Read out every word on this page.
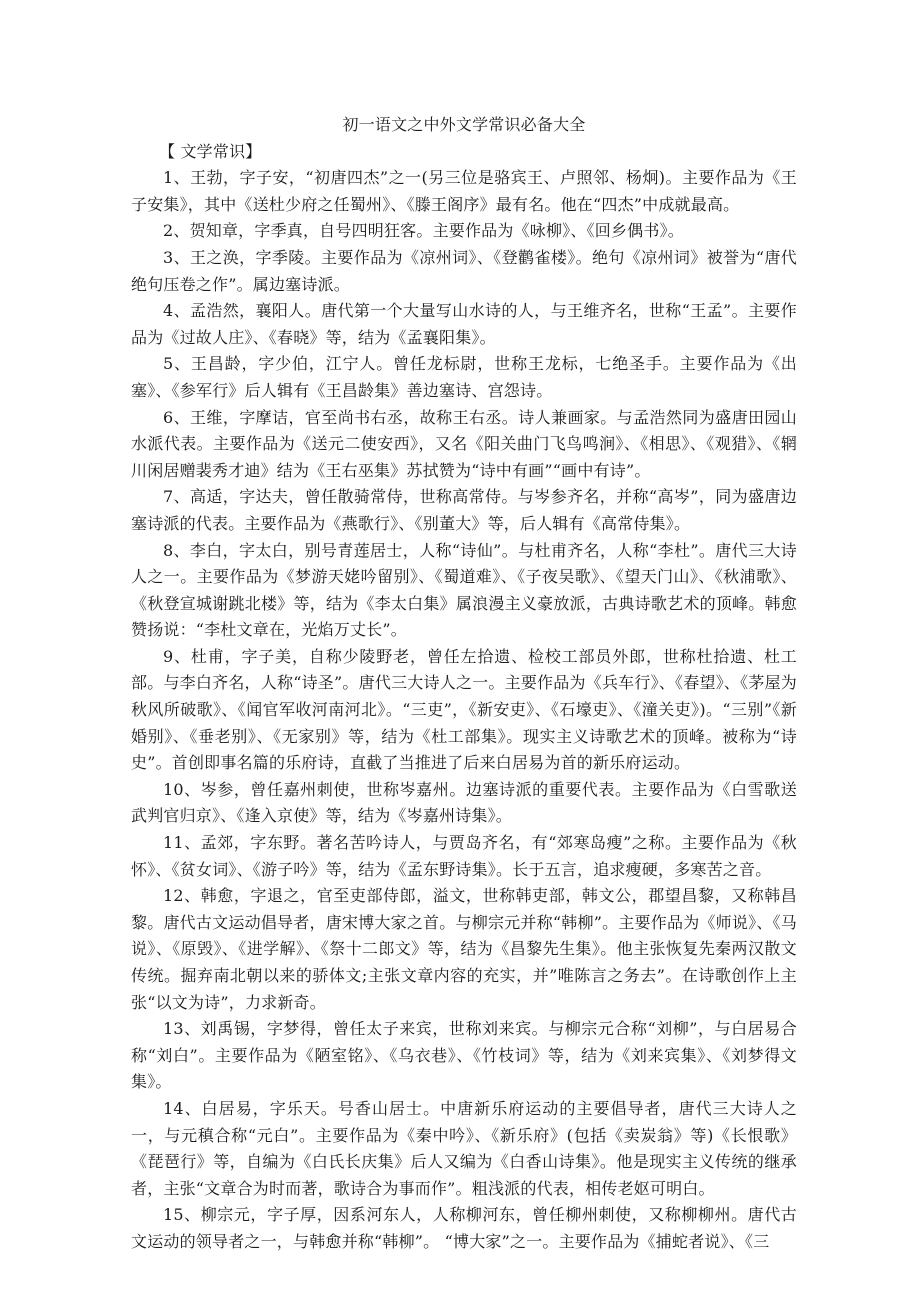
初一语文之中外文学常识必备大全

【 文学常识】

1、王勃，字子安，“初唐四杰”之一(另三位是骆宾王、卢照邻、杨炯)。主要作品为《王子安集》，其中《送杜少府之任蜀州》、《滕王阁序》最有名。他在“四杰”中成就最高。

2、贺知章，字季真，自号四明狂客。主要作品为《咏柳》、《回乡偶书》。

3、王之涣，字季陵。主要作品为《凉州词》、《登鹳雀楼》。绝句《凉州词》被誉为“唐代绝句压卷之作”。属边塞诗派。

4、孟浩然，襄阳人。唐代第一个大量写山水诗的人，与王维齐名，世称“王孟”。主要作品为《过故人庄》、《春晓》等，结为《孟襄阳集》。

5、王昌龄，字少伯，江宁人。曾任龙标尉，世称王龙标，七绝圣手。主要作品为《出塞》、《参军行》后人辑有《王昌龄集》善边塞诗、宫怨诗。

6、王维，字摩诘，官至尚书右丞，故称王右丞。诗人兼画家。与孟浩然同为盛唐田园山水派代表。主要作品为《送元二使安西》，又名《阳关曲门飞鸟鸣涧》、《相思》、《观猎》、《辋川闲居赠裴秀才迪》结为《王右巫集》苏拭赞为“诗中有画”“画中有诗”。

7、高适，字达夫，曾任散骑常侍，世称高常侍。与岑参齐名，并称“高岑”，同为盛唐边塞诗派的代表。主要作品为《燕歌行》、《别董大》等，后人辑有《高常侍集》。

8、李白，字太白，别号青莲居士，人称“诗仙”。与杜甫齐名，人称“李杜”。唐代三大诗人之一。主要作品为《梦游天姥吟留别》、《蜀道难》、《子夜吴歌》、《望天门山》、《秋浦歌》、《秋登宣城谢跳北楼》等，结为《李太白集》属浪漫主义豪放派，古典诗歌艺术的顶峰。韩愈赞扬说：“李杜文章在，光焰万丈长”。

9、杜甫，字子美，自称少陵野老，曾任左拾遗、检校工部员外郎，世称杜拾遗、杜工部。与李白齐名，人称“诗圣”。唐代三大诗人之一。主要作品为《兵车行》、《春望》、《茅屋为秋风所破歌》、《闻官军收河南河北》。“三吏”，《新安吏》、《石壕吏》、《潼关吏》)。“三别”《新婚别》、《垂老别》、《无家别》等，结为《杜工部集》。现实主义诗歌艺术的顶峰。被称为“诗史”。首创即事名篇的乐府诗，直截了当推进了后来白居易为首的新乐府运动。

10、岑参，曾任嘉州刺使，世称岑嘉州。边塞诗派的重要代表。主要作品为《白雪歌送武判官归京》、《逢入京使》等，结为《岑嘉州诗集》。

11、孟郊，字东野。著名苦吟诗人，与贾岛齐名，有“郊寒岛瘦”之称。主要作品为《秋怀》、《贫女词》、《游子吟》等，结为《孟东野诗集》。长于五言，追求瘦硬，多寒苦之音。

12、韩愈，字退之，官至吏部侍郎，溢文，世称韩吏部，韩文公，郡望昌黎，又称韩昌黎。唐代古文运动倡导者，唐宋博大家之首。与柳宗元并称“韩柳”。主要作品为《师说》、《马说》、《原毁》、《进学解》、《祭十二郎文》等，结为《昌黎先生集》。他主张恢复先秦两汉散文传统。掘弃南北朝以来的骄体文;主张文章内容的充实，并”唯陈言之务去”。在诗歌创作上主张“以文为诗”，力求新奇。

13、刘禹锡，字梦得，曾任太子来宾，世称刘来宾。与柳宗元合称“刘柳”，与白居易合称“刘白”。主要作品为《陋室铭》、《乌衣巷》、《竹枝词》等，结为《刘来宾集》、《刘梦得文集》。

14、白居易，字乐天。号香山居士。中唐新乐府运动的主要倡导者，唐代三大诗人之一，与元稹合称“元白”。主要作品为《秦中吟》、《新乐府》(包括《卖炭翁》等)《长恨歌》《琵琶行》等，自编为《白氏长庆集》后人又编为《白香山诗集》。他是现实主义传统的继承者，主张“文章合为时而著，歌诗合为事而作”。粗浅派的代表，相传老妪可明白。

15、柳宗元，字子厚，因系河东人，人称柳河东，曾任柳州刺使，又称柳柳州。唐代古文运动的领导者之一，与韩愈并称“韩柳”。 “博大家”之一。主要作品为《捕蛇者说》、《三
